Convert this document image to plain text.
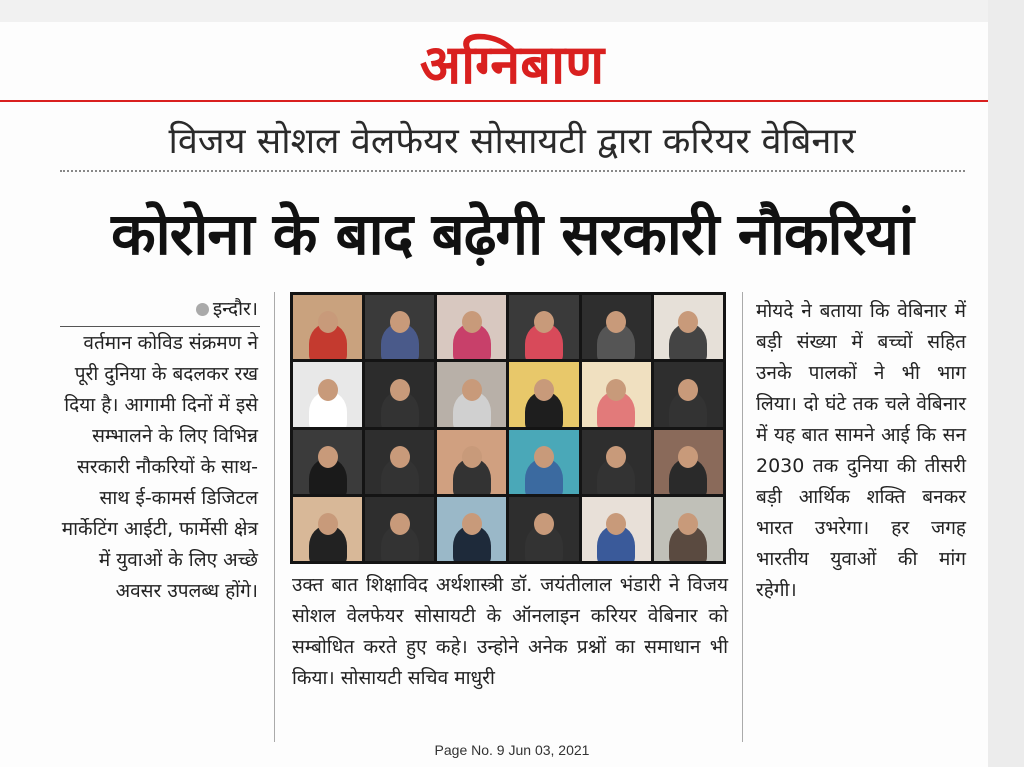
अग्निबाण
विजय सोशल वेलफेयर सोसायटी द्वारा करियर वेबिनार
कोरोना के बाद बढ़ेगी सरकारी नौकरियां
इन्दौर।

वर्तमान कोविड संक्रमण ने पूरी दुनिया के बदलकर रख दिया है। आगामी दिनों में इसे सम्भालने के लिए विभिन्न सरकारी नौकरियों के साथ-साथ ई-कामर्स डिजिटल मार्केटिंग आईटी, फार्मेसी क्षेत्र में युवाओं के लिए अच्छे अवसर उपलब्ध होंगे। उक्त बात शिक्षाविद अर्थशास्त्री डॉ. जयंतीलाल भंडारी ने विजय सोशल वेलफेयर सोसायटी के ऑनलाइन करियर वेबिनार को सम्बोधित करते हुए कहे। उन्होने अनेक प्रश्नों का समाधान भी किया। सोसायटी सचिव माधुरी

मोयदे ने बताया कि वेबिनार में बड़ी संख्या में बच्चों सहित उनके पालकों ने भी भाग लिया। दो घंटे तक चले वेबिनार में यह बात सामने आई कि सन 2030 तक दुनिया की तीसरी बड़ी आर्थिक शक्ति बनकर भारत उभरेगा। हर जगह भारतीय युवाओं की मांग रहेगी।

Page No. 9 Jun 03, 2021
